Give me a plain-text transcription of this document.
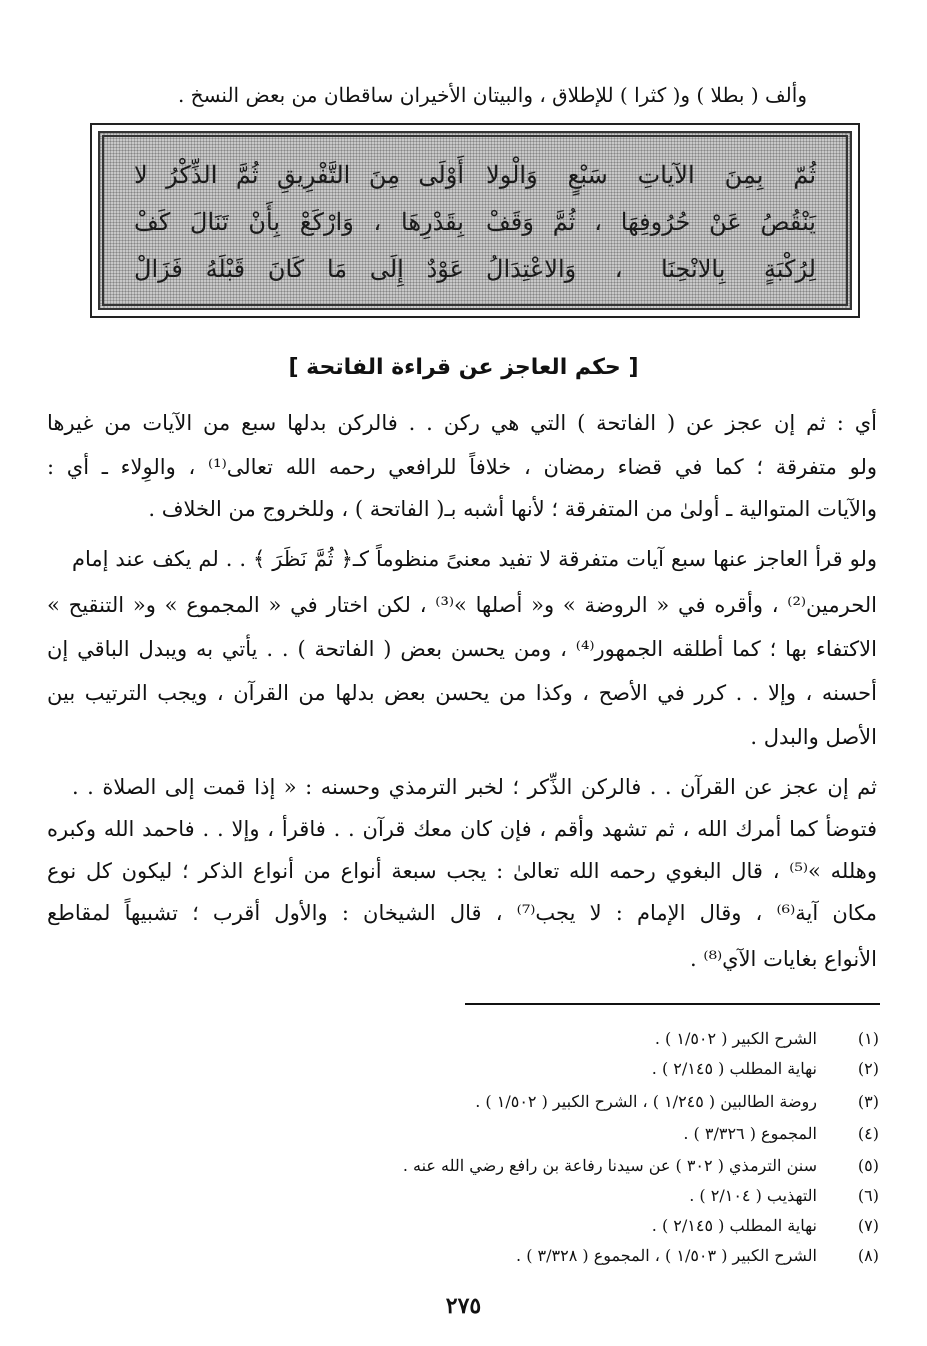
وألف ( بطلا ) و( كثرا ) للإطلاق ، والبيتان الأخيران ساقطان من بعض النسخ .
ثُمّ بِمِنَ الآياتِ سَبْعٍ وَالْولا
أَوْلَى مِنَ التَّفْرِيقِ ثُمَّ الذِّكْرُ لا
يَنْقُصُ عَنْ حُرُوفِهَا ، ثُمَّ وَقَفْ
بِقَدْرِهَا ، وَارْكَعْ بِأَنْ تَنَالَ كَفْ
لِرُكْبَةٍ بِالانْحِنَا ، وَالاعْتِدَالُ
عَوْدٌ إِلَى مَا كَانَ قَبْلَهُ فَزَالْ
[ حكم العاجز عن قراءة الفاتحة ]
أي : ثم إن عجز عن ( الفاتحة ) التي هي ركن . . فالركن بدلها سبع من الآيات من غيرها
ولو متفرقة ؛ كما في قضاء رمضان ، خلافاً للرافعي رحمه الله تعالى⁽¹⁾ ، والوِلاء ـ أي :
والآيات المتوالية ـ أولىٰ من المتفرقة ؛ لأنها أشبه بـ( الفاتحة ) ، وللخروج من الخلاف .
ولو قرأ العاجز عنها سبع آيات متفرقة لا تفيد معنىً منظوماً كـ﴿ ثُمَّ نَظَرَ ﴾ . . لم يكف عند إمام
الحرمين⁽²⁾ ، وأقره في « الروضة » و« أصلها »⁽³⁾ ، لكن اختار في « المجموع » و« التنقيح »
الاكتفاء بها ؛ كما أطلقه الجمهور⁽⁴⁾ ، ومن يحسن بعض ( الفاتحة ) . . يأتي به ويبدل الباقي إن
أحسنه ، وإلا . . كرر في الأصح ، وكذا من يحسن بعض بدلها من القرآن ، ويجب الترتيب بين
الأصل والبدل .
ثم إن عجز عن القرآن . . فالركن الذِّكر ؛ لخبر الترمذي وحسنه : « إذا قمت إلى الصلاة . .
فتوضأ كما أمرك الله ، ثم تشهد وأقم ، فإن كان معك قرآن . . فاقرأ ، وإلا . . فاحمد الله وكبره
وهلله »⁽⁵⁾ ، قال البغوي رحمه الله تعالىٰ : يجب سبعة أنواع من أنواع الذكر ؛ ليكون كل نوع
مكان آية⁽⁶⁾ ، وقال الإمام : لا يجب⁽⁷⁾ ، قال الشيخان : والأول أقرب ؛ تشبيهاً لمقاطع
الأنواع بغايات الآي⁽⁸⁾ .
(١)الشرح الكبير ( ١/٥٠٢ ) .
(٢)نهاية المطلب ( ٢/١٤٥ ) .
(٣)روضة الطالبين ( ١/٢٤٥ ) ، الشرح الكبير ( ١/٥٠٢ ) .
(٤)المجموع ( ٣/٣٢٦ ) .
(٥)سنن الترمذي ( ٣٠٢ ) عن سيدنا رفاعة بن رافع رضي الله عنه .
(٦)التهذيب ( ٢/١٠٤ ) .
(٧)نهاية المطلب ( ٢/١٤٥ ) .
(٨)الشرح الكبير ( ١/٥٠٣ ) ، المجموع ( ٣/٣٢٨ ) .
٢٧٥
